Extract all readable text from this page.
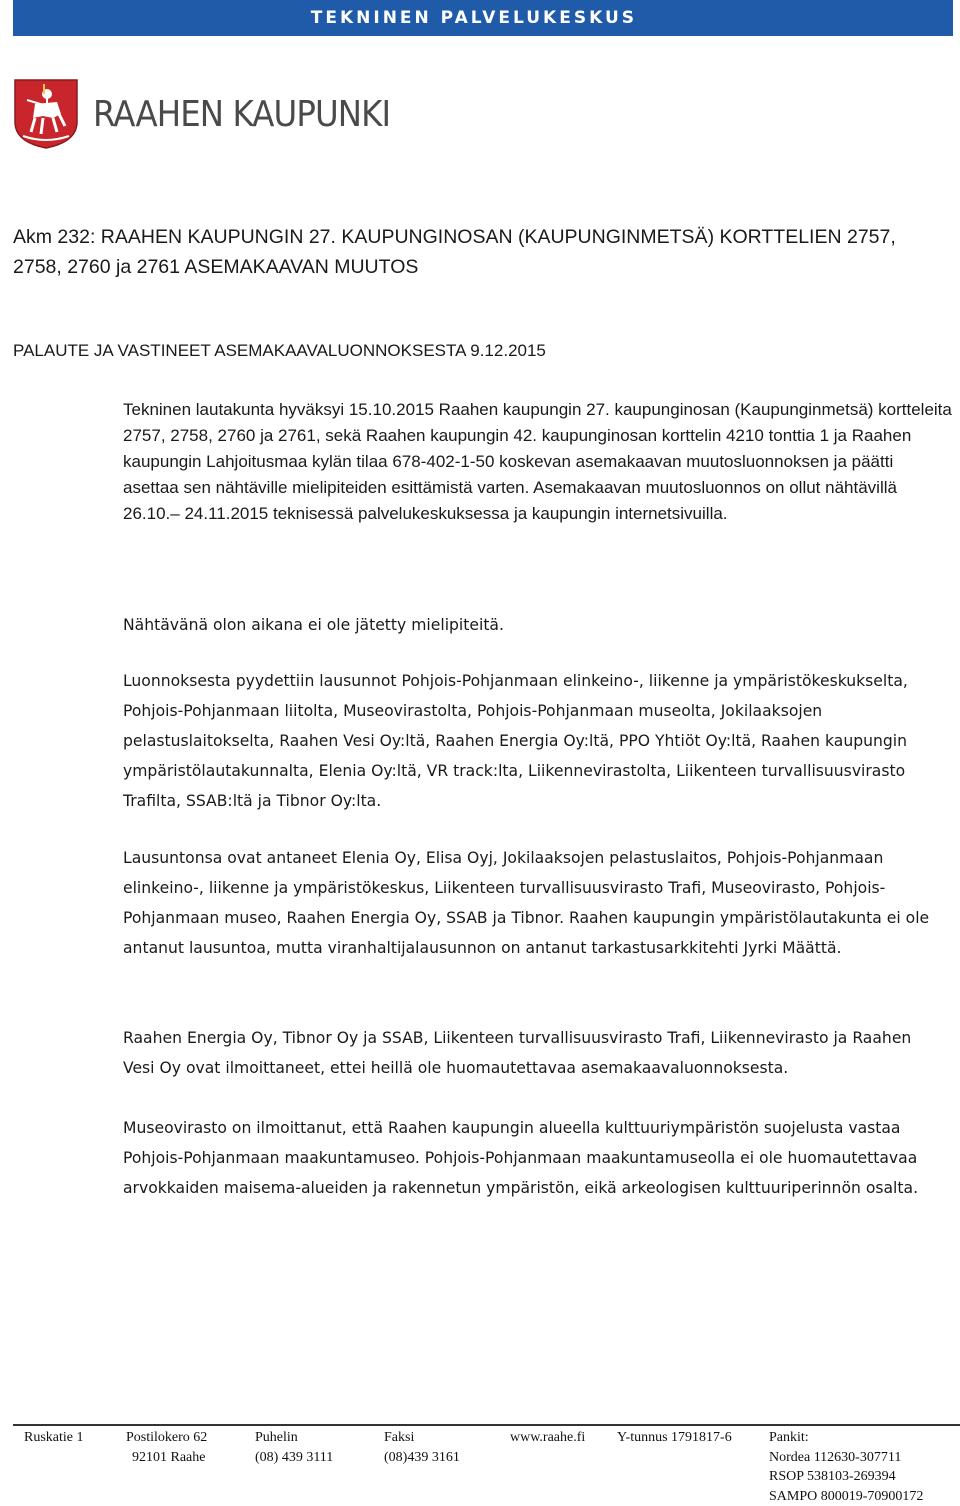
TEKNINEN PALVELUKESKUS
RAAHEN KAUPUNKI
Akm 232: RAAHEN KAUPUNGIN 27. KAUPUNGINOSAN (KAUPUNGINMETSÄ) KORTTELIEN 2757, 2758, 2760 ja 2761 ASEMAKAAVAN MUUTOS
PALAUTE JA VASTINEET ASEMAKAAVALUONNOKSESTA 9.12.2015
Tekninen lautakunta hyväksyi 15.10.2015 Raahen kaupungin 27. kaupunginosan (Kaupunginmetsä) kortteleita 2757, 2758, 2760 ja 2761, sekä Raahen kaupungin 42. kaupunginosan korttelin 4210 tonttia 1 ja Raahen kaupungin Lahjoitusmaa kylän tilaa 678-402-1-50 koskevan asemakaavan muutosluonnoksen ja päätti asettaa sen nähtäville mielipiteiden esittämistä varten. Asemakaavan muutosluonnos on ollut nähtävillä 26.10.– 24.11.2015 teknisessä palvelukeskuksessa ja kaupungin internetsivuilla.
Nähtävänä olon aikana ei ole jätetty mielipiteitä.
Luonnoksesta pyydettiin lausunnot Pohjois-Pohjanmaan elinkeino-, liikenne ja ympäristökeskukselta, Pohjois-Pohjanmaan liitolta, Museovirastolta, Pohjois-Pohjanmaan museolta, Jokilaaksojen pelastuslaitokselta, Raahen Vesi Oy:ltä, Raahen Energia Oy:ltä, PPO Yhtiöt Oy:ltä, Raahen kaupungin ympäristölautakunnalta, Elenia Oy:ltä, VR track:lta, Liikennevirastolta, Liikenteen turvallisuusvirasto Trafilta, SSAB:ltä ja Tibnor Oy:lta.
Lausuntonsa ovat antaneet Elenia Oy, Elisa Oyj, Jokilaaksojen pelastuslaitos, Pohjois-Pohjanmaan elinkeino-, liikenne ja ympäristökeskus, Liikenteen turvallisuusvirasto Trafi, Museovirasto, Pohjois-Pohjanmaan museo, Raahen Energia Oy, SSAB ja Tibnor. Raahen kaupungin ympäristölautakunta ei ole antanut lausuntoa, mutta viranhaltijalausunnon on antanut tarkastusarkkitehti Jyrki Määttä.
Raahen Energia Oy, Tibnor Oy ja SSAB, Liikenteen turvallisuusvirasto Trafi, Liikennevirasto ja Raahen Vesi Oy ovat ilmoittaneet, ettei heillä ole huomautettavaa asemakaavaluonnoksesta.
Museovirasto on ilmoittanut, että Raahen kaupungin alueella kulttuuriympäristön suojelusta vastaa Pohjois-Pohjanmaan maakuntamuseo. Pohjois-Pohjanmaan maakuntamuseolla ei ole huomautettavaa arvokkaiden maisema-alueiden ja rakennetun ympäristön, eikä arkeologisen kulttuuriperinnön osalta.
Ruskatie 1	Postilokero 62
92101 Raahe
Puhelin
(08) 439 3111
Faksi
(08)439 3161
www.raahe.fi Y-tunnus 1791817-6	Pankit:
Nordea 112630-307711
RSOP 538103-269394
SAMPO 800019-70900172
